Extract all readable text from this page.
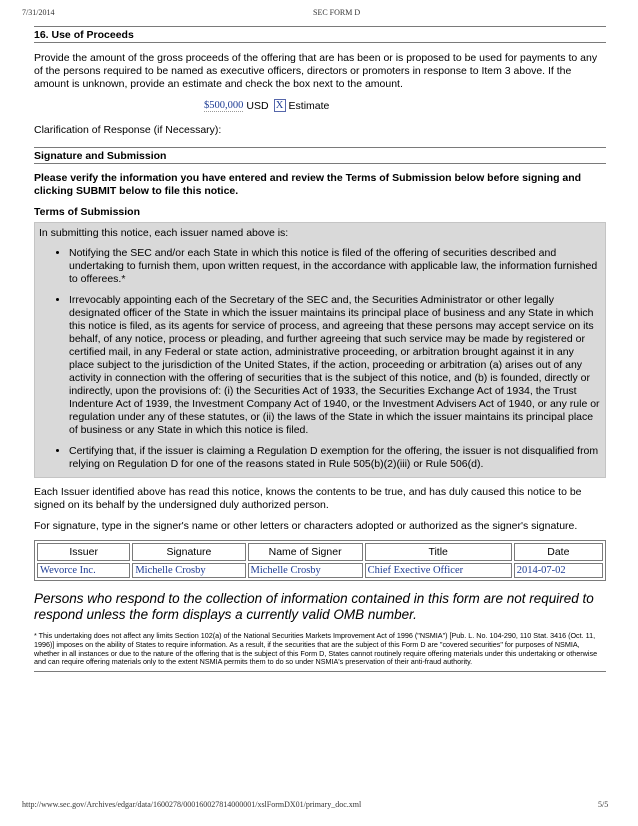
7/31/2014	SEC FORM D
16. Use of Proceeds

Provide the amount of the gross proceeds of the offering that are has been or is proposed to be used for payments to any of the persons required to be named as executive officers, directors or promoters in response to Item 3 above. If the amount is unknown, provide an estimate and check the box next to the amount.

$500,000 USD X Estimate

Clarification of Response (if Necessary):

Signature and Submission

Please verify the information you have entered and review the Terms of Submission below before signing and clicking SUBMIT below to file this notice.

Terms of Submission
In submitting this notice, each issuer named above is:
• Notifying the SEC and/or each State in which this notice is filed of the offering of securities described and undertaking to furnish them, upon written request, in the accordance with applicable law, the information furnished to offerees.*
• Irrevocably appointing each of the Secretary of the SEC and, the Securities Administrator or other legally designated officer of the State in which the issuer maintains its principal place of business and any State in which this notice is filed, as its agents for service of process, and agreeing that these persons may accept service on its behalf, of any notice, process or pleading, and further agreeing that such service may be made by registered or certified mail, in any Federal or state action, administrative proceeding, or arbitration brought against it in any place subject to the jurisdiction of the United States, if the action, proceeding or arbitration (a) arises out of any activity in connection with the offering of securities that is the subject of this notice, and (b) is founded, directly or indirectly, upon the provisions of: (i) the Securities Act of 1933, the Securities Exchange Act of 1934, the Trust Indenture Act of 1939, the Investment Company Act of 1940, or the Investment Advisers Act of 1940, or any rule or regulation under any of these statutes, or (ii) the laws of the State in which the issuer maintains its principal place of business or any State in which this notice is filed.
• Certifying that, if the issuer is claiming a Regulation D exemption for the offering, the issuer is not disqualified from relying on Regulation D for one of the reasons stated in Rule 505(b)(2)(iii) or Rule 506(d).

Each Issuer identified above has read this notice, knows the contents to be true, and has duly caused this notice to be signed on its behalf by the undersigned duly authorized person.

For signature, type in the signer's name or other letters or characters adopted or authorized as the signer's signature.

Issuer	Signature	Name of Signer	Title	Date
Wevorce Inc.	Michelle Crosby	Michelle Crosby	Chief Exective Officer	2014-07-02

Persons who respond to the collection of information contained in this form are not required to respond unless the form displays a currently valid OMB number.

* This undertaking does not affect any limits Section 102(a) of the National Securities Markets Improvement Act of 1996 ("NSMIA") [Pub. L. No. 104-290, 110 Stat. 3416 (Oct. 11, 1996)] imposes on the ability of States to require information. As a result, if the securities that are the subject of this Form D are "covered securities" for purposes of NSMIA, whether in all instances or due to the nature of the offering that is the subject of this Form D, States cannot routinely require offering materials under this undertaking or otherwise and can require offering materials only to the extent NSMIA permits them to do so under NSMIA's preservation of their anti-fraud authority.
http://www.sec.gov/Archives/edgar/data/1600278/000160027814000001/xslFormDX01/primary_doc.xml	5/5
